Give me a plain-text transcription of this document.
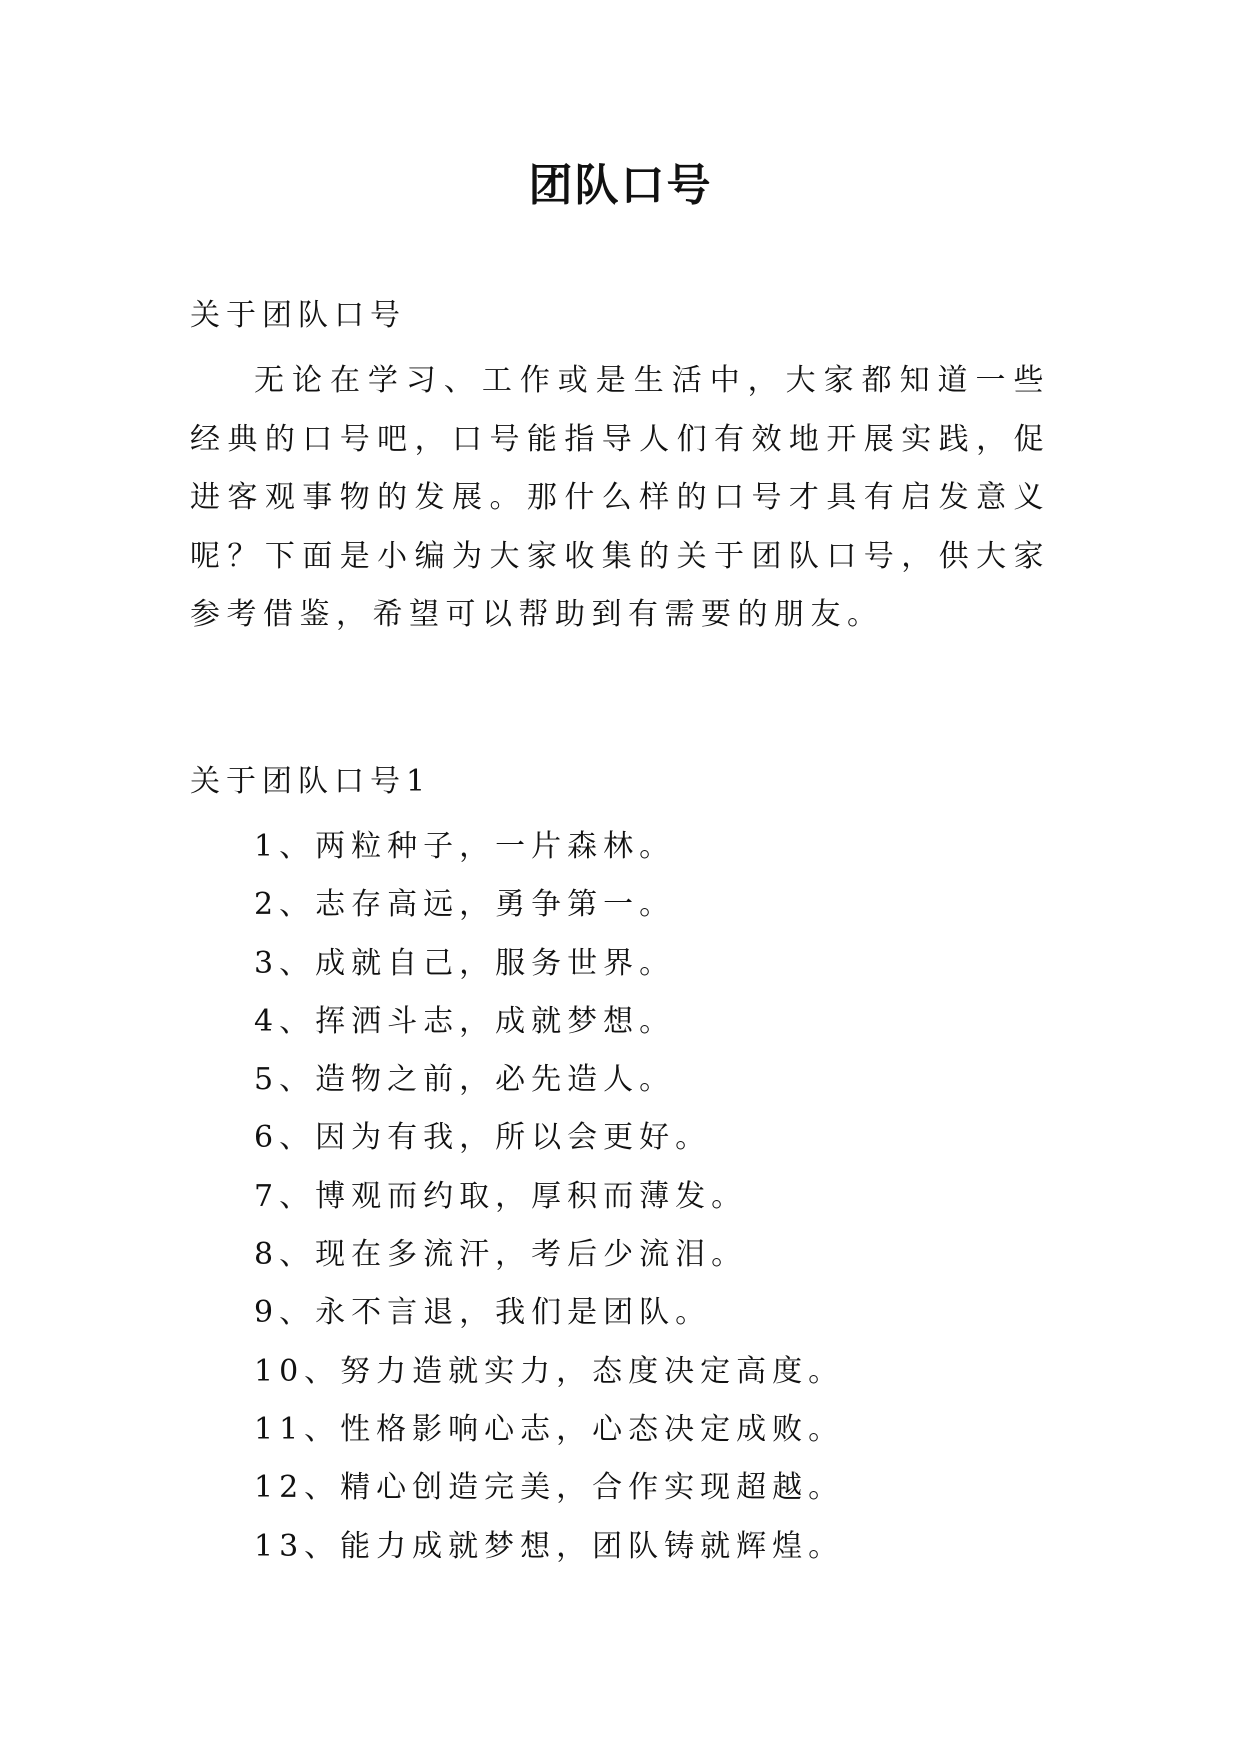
团队口号
关于团队口号

无论在学习、工作或是生活中，大家都知道一些经典的口号吧，口号能指导人们有效地开展实践，促进客观事物的发展。那什么样的口号才具有启发意义呢？下面是小编为大家收集的关于团队口号，供大家参考借鉴，希望可以帮助到有需要的朋友。

关于团队口号1
1、两粒种子，一片森林。
2、志存高远，勇争第一。
3、成就自己，服务世界。
4、挥洒斗志，成就梦想。
5、造物之前，必先造人。
6、因为有我，所以会更好。
7、博观而约取，厚积而薄发。
8、现在多流汗，考后少流泪。
9、永不言退，我们是团队。
10、努力造就实力，态度决定高度。
11、性格影响心志，心态决定成败。
12、精心创造完美，合作实现超越。
13、能力成就梦想，团队铸就辉煌。
